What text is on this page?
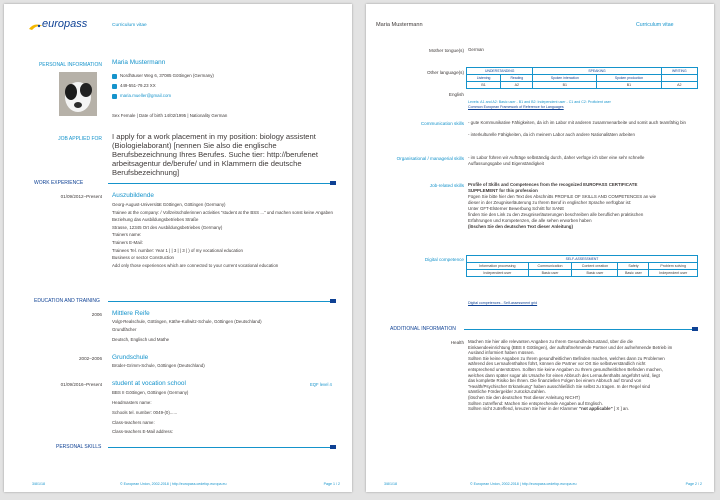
europass	Curriculum vitae
PERSONAL INFORMATION Maria Mustermann
Nordhäuser Weg 6, 37085 Göttingen (Germany)
449-551-79.23 XX
maria.mueller@gmail.com
Sex Female | Date of birth 14/02/1995 | Nationality German
JOB APPLIED FOR I apply for a work placement in my position: biology assistent (Biologielaborant) [nennen Sie also die englische Berufsbezeichnung Ihres Berufes. Suche tier: http://berufenet arbeitsagentur de/berufe/ und in Klammern die deutsche Berufsbezeichnung]
WORK EXPERIENCE
01/09/2012–Present Auszubildende
Georg-August-Universität Göttingen, Göttingen (Germany)
Trainee at the company: / Vollzeitschülerinnen activities "student at the BSS ..." und machen sonst keine Angaben
Beziehung das Ausbildungsbetriebes Straße
Strasse, 12345 Ort des Ausbildungsbetriebes (Germany)
Trainers name:
Trainers E-Mail:
Trainees Tel. number: Year 1 | | 3 | | 3 | ) of my vocational education
Business or sector Construction
Add only those experiences which are connected to your current vocational education
EDUCATION AND TRAINING
2006 Mittlere Reife
Volgt-Realschule, Göttingen, Käthe-Kollwitz-Schule, Göttingen (Deutschland)
Grundfächer
Deutsch, Englisch und Mathe
2002–2006 Grundschule
Brüder-Grimm-Schule, Göttingen (Deutschland)
01/09/2016–Present student at vocation school	EQF level 4
BBS II Göttingen, Göttingen (Germany)
Headmasters name:
Schools tel. number: 0049-(0)......
Class-teachers name:
Class-teachers E-Mail address:
PERSONAL SKILLS
3/8/1/18	© European Union, 2002-2018 | http://europass.cedefop.europa.eu	Page 1 / 2
Maria Mustermann	Curriculum vitae
Mother tongue(s) German
Other language(s)
English
UNDERSTANDING		SPEAKING		WRITING
Listening	Reading	Spoken interaction	Spoken production	
B1	A2	B1	B1	A2
Levels: A1 and A2: Basic user - B1 and B2: Independent user - C1 and C2: Proficient user
Common European Framework of Reference for Languages
Communication skills - gute Kommunikative Fähigkeiten, da ich im Labor mit anderen zusammenarbeite und somit auch teamfähig bin
- interkulturelle Fähigkeiten, da ich meinem Labor auch andere Nationalitäten arbeiten
Organisational / managerial skills - im Labor führen wir Aufträge selbständig durch, daher verfüge ich über eine sehr schnelle
Auffassungsgabe und Eigenständigkeit
Job-related skills Profile of Skills and Competences from the recognized EUROPASS CERTIFICATE
SUPPLEMENT for this profession
Fügen Sie bitte hier den Text des Abschnitts PROFILE OF SKILLS AND COMPETENCES an wie
dieser in der Zeugniserläuterung zu Ihrem Beruf in englischer Sprache verfügbar ist:
Unter GFT-Elsterner Bewerbung Schritt für SANE
finden Sie den Link zu den Zeugniserläuterungen beschreiben alle beruflichen praktischen
Erfahrungen und Kompetenzen, die alle sehen erworben haben
(löschen Sie den deutschen Text dieser Anleitung)
Digital competence	SELF-ASSESSMENT				
Information processing	Communication	Content creation	Safety	Problem solving
Independent user	Basic user	Basic user	Basic user	Independent user
Digital competences - Self-assessment grid
ADDITIONAL INFORMATION
Health Machen Sie hier alle relevanten Angaben zu Ihrem Gesundheitszustand, über die die
Einkaendeeinrichtung (BBS II Göttingen), der auftraftnehmende Partner und der aufnehmende Betrieb im
Ausland informiert haben müssen.
Sollten Sie keine Angaben zu Ihrem gesundheitlichen Befinden machen, welches dann zu Problemen
während des Lernaufenthaltes führt, können die Partner vor Ort Sie selbstverständlich nicht
entsprechend unterstützen. Sollten Sie keine Angaben zu Ihrem gesundheitlichen Befinden machen,
welches dann später sogar als Ursache für einen Abbruch des Lernaufenthalts angeführt wird, liegt
das komplette Risiko bei Ihnen. Die finanziellen Folgen bei einem Abbruch auf Grund von
"Health/Psychischer Erkrankung" haben ausschließlich Sie selbst zu tragen. In der Regel sind
sämtliche Fördergelder zurückzuzahlen.
(löschen Sie den deutschen Text dieser Anleitung NICHT)
Sollten zutreffend: Machen Sie entsprechende Angaben auf Englisch.
Sollten nicht zutreffend, kreuzen Sie hier in der Klammer "not applicable" [ X ] an.
3/8/1/18	© European Union, 2002-2018 | http://europass.cedefop.europa.eu	Page 2 / 2
